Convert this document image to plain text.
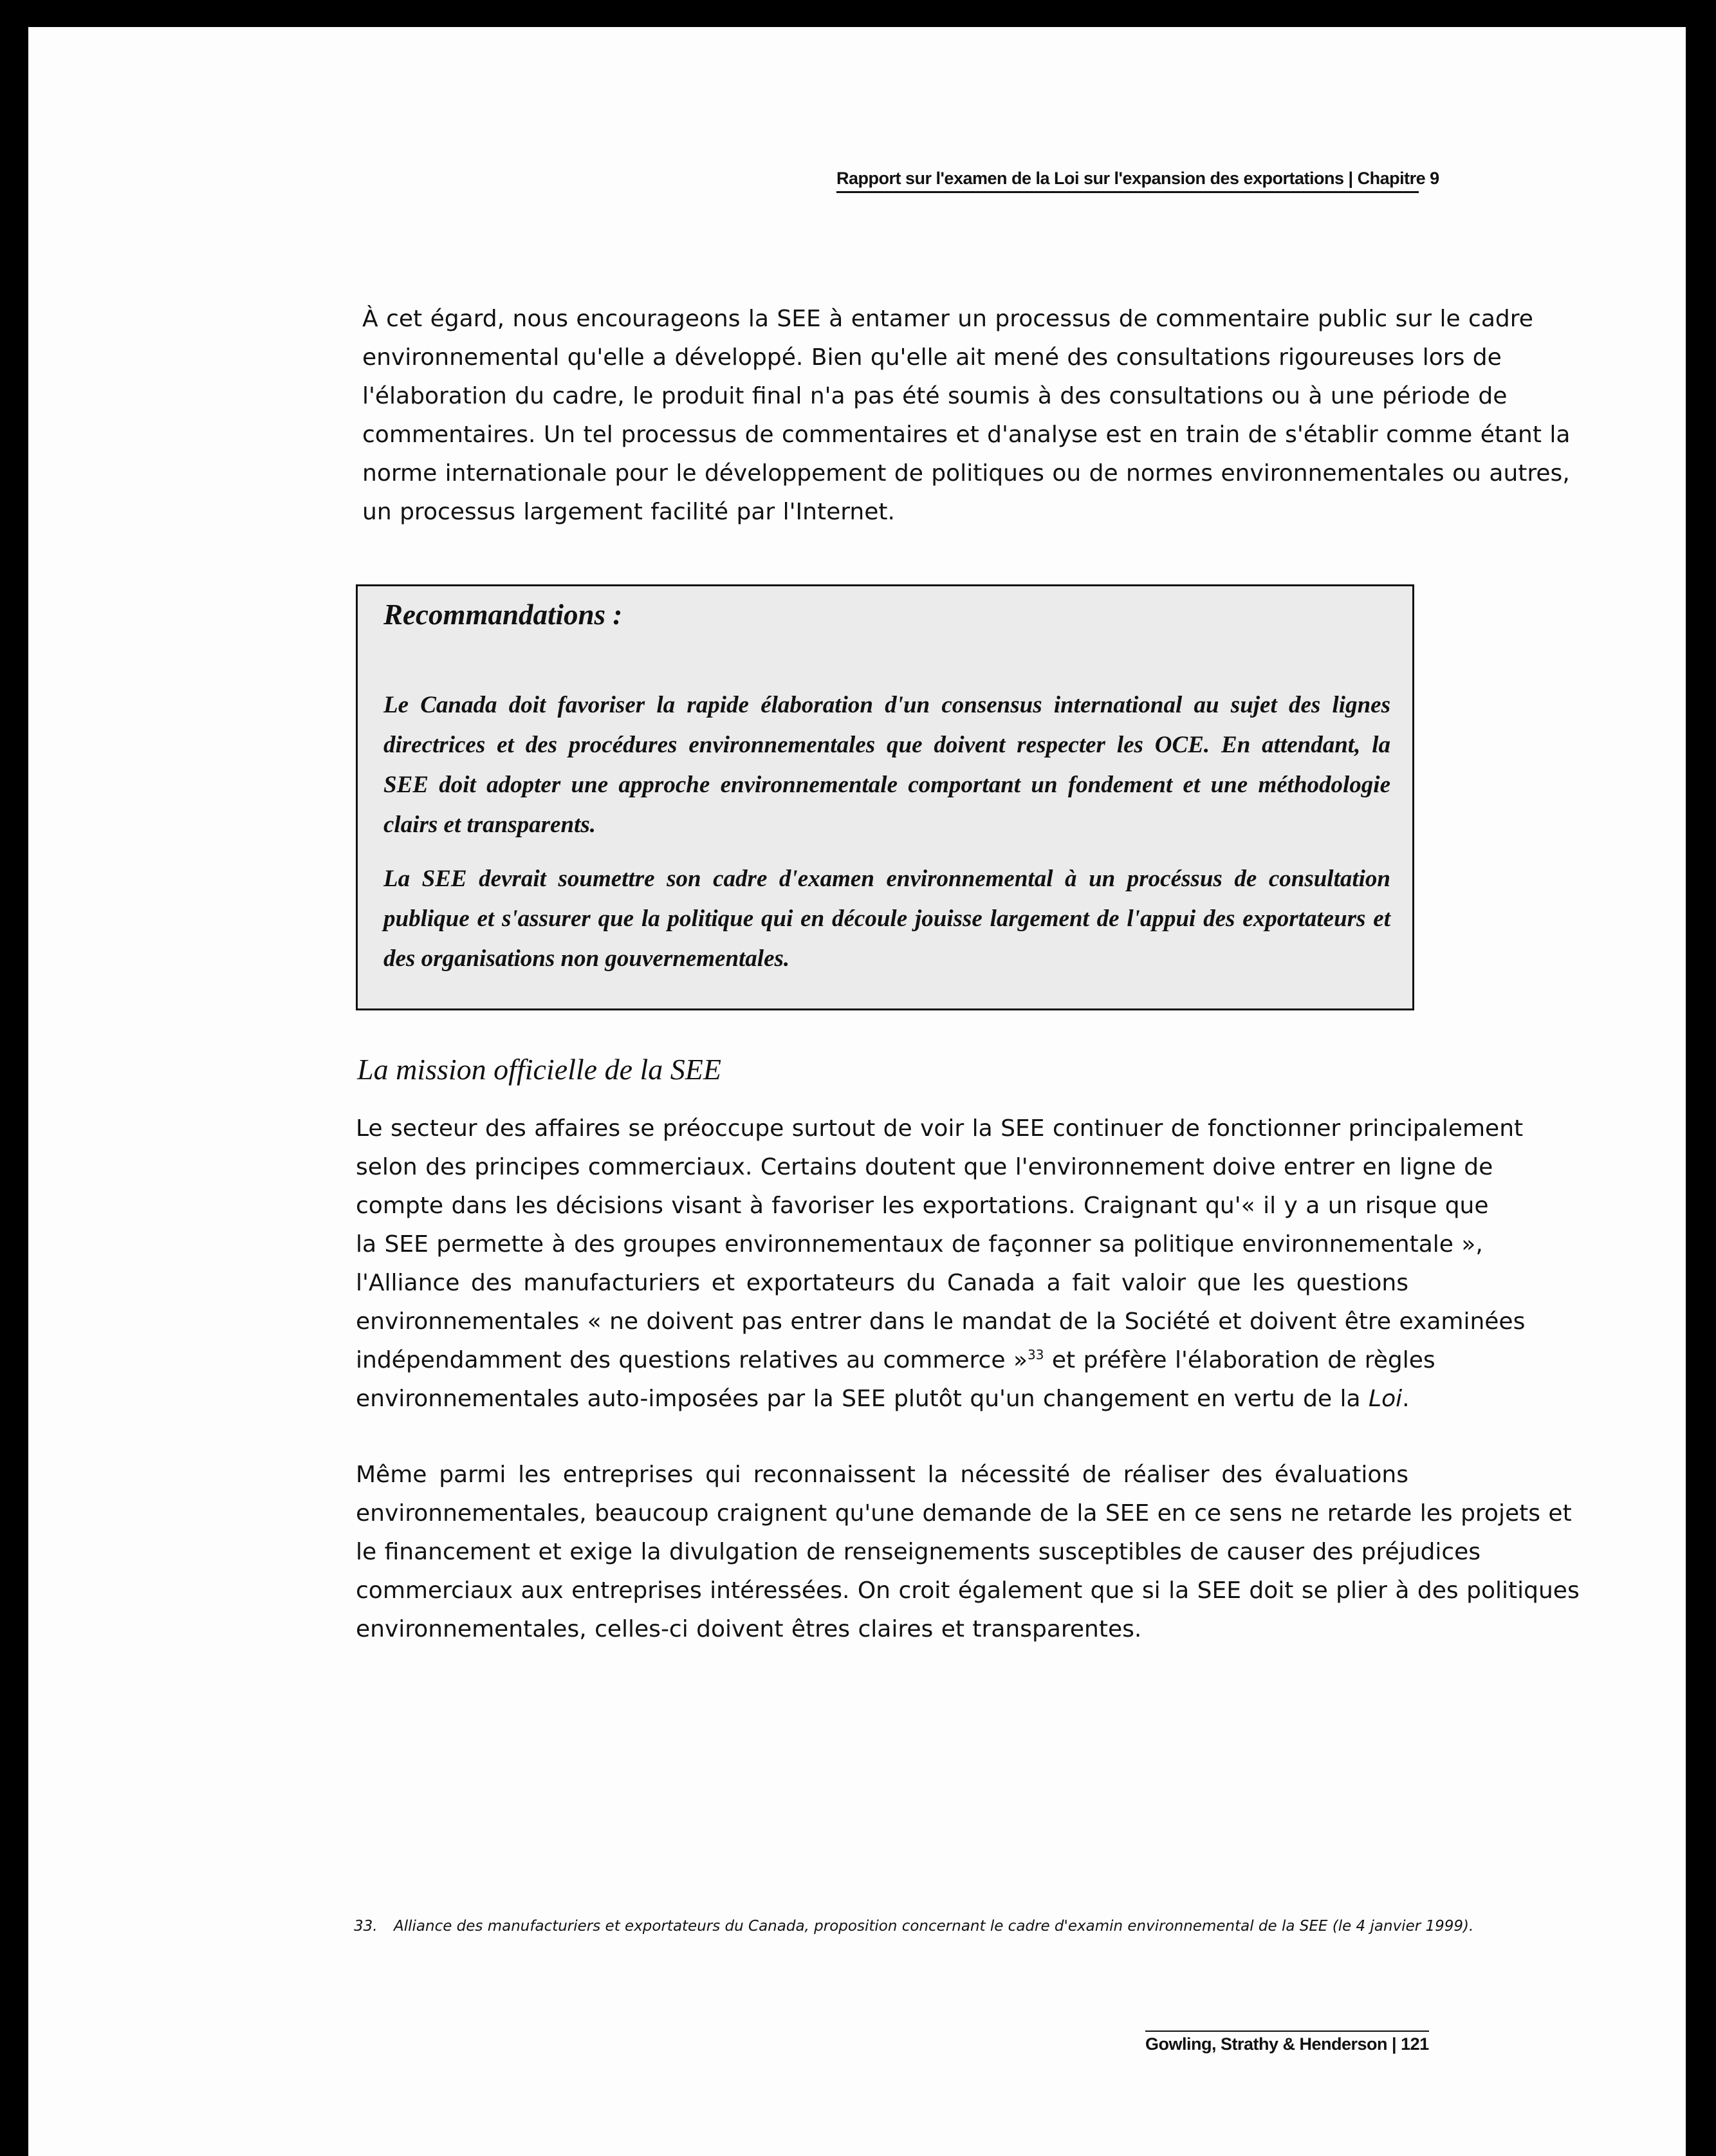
Rapport sur l'examen de la Loi sur l'expansion des exportations | Chapitre 9
À cet égard, nous encourageons la SEE à entamer un processus de commentaire public sur le cadre
environnemental qu'elle a développé. Bien qu'elle ait mené des consultations rigoureuses lors de
l'élaboration du cadre, le produit final n'a pas été soumis à des consultations ou à une période de
commentaires. Un tel processus de commentaires et d'analyse est en train de s'établir comme étant la
norme internationale pour le développement de politiques ou de normes environnementales ou autres,
un processus largement facilité par l'Internet.
Recommandations :
Le Canada doit favoriser la rapide élaboration d'un consensus international au sujet des lignes
directrices et des procédures environnementales que doivent respecter les OCE. En attendant, la
SEE doit adopter une approche environnementale comportant un fondement et une méthodologie
clairs et transparents.
La SEE devrait soumettre son cadre d'examen environnemental à un procéssus de consultation
publique et s'assurer que la politique qui en découle jouisse largement de l'appui des exportateurs et
des organisations non gouvernementales.
La mission officielle de la SEE
Le secteur des affaires se préoccupe surtout de voir la SEE continuer de fonctionner principalement
selon des principes commerciaux. Certains doutent que l'environnement doive entrer en ligne de
compte dans les décisions visant à favoriser les exportations. Craignant qu'« il y a un risque que
la SEE permette à des groupes environnementaux de façonner sa politique environnementale »,
l'Alliance des manufacturiers et exportateurs du Canada a fait valoir que les questions
environnementales « ne doivent pas entrer dans le mandat de la Société et doivent être examinées
indépendamment des questions relatives au commerce »$^{33}$ et préfère l'élaboration de règles
environnementales auto-imposées par la SEE plutôt qu'un changement en vertu de la Loi.
Même parmi les entreprises qui reconnaissent la nécessité de réaliser des évaluations
environnementales, beaucoup craignent qu'une demande de la SEE en ce sens ne retarde les projets et
le financement et exige la divulgation de renseignements susceptibles de causer des préjudices
commerciaux aux entreprises intéressées. On croit également que si la SEE doit se plier à des politiques
environnementales, celles-ci doivent êtres claires et transparentes.
33. Alliance des manufacturiers et exportateurs du Canada, proposition concernant le cadre d'examin environnemental de la SEE (le 4 janvier 1999).
Gowling, Strathy & Henderson | 121
